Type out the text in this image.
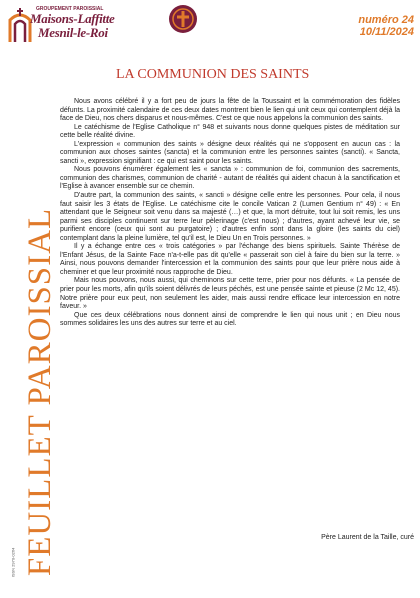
FEUILLET PAROISSIAL
ISSN 2970-0264
GROUPEMENT PAROISSIAL
Maisons-Laffitte
Mesnil-le-Roi
numéro 24
10/11/2024
LA COMMUNION DES SAINTS

Nous avons célébré il y a fort peu de jours la fête de la Toussaint et la commémoration des fidèles défunts. La proximité calendaire de ces deux dates montrent bien le lien qui unit ceux qui contemplent déjà la face de Dieu, nos chers disparus et nous-mêmes. C'est ce que nous appelons la communion des saints.

Le catéchisme de l'Eglise Catholique n° 948 et suivants nous donne quelques pistes de méditation sur cette belle réalité divine.

L'expression « communion des saints » désigne deux réalités qui ne s'opposent en aucun cas : la communion aux choses saintes (sancta) et la communion entre les personnes saintes (sancti). « Sancta, sancti », expression signifiant : ce qui est saint pour les saints.

Nous pouvons énumérer également les « sancta » : communion de foi, communion des sacrements, communion des charismes, communion de charité - autant de réalités qui aident chacun à la sanctification et l'Eglise à avancer ensemble sur ce chemin.

D'autre part, la communion des saints, « sancti » désigne celle entre les personnes. Pour cela, il nous faut saisir les 3 états de l'Eglise. Le catéchisme cite le concile Vatican 2 (Lumen Gentium n° 49) : « En attendant que le Seigneur soit venu dans sa majesté (…) et que, la mort détruite, tout lui soit remis, les uns parmi ses disciples continuent sur terre leur pèlerinage (c'est nous) ; d'autres, ayant achevé leur vie, se purifient encore (ceux qui sont au purgatoire) ; d'autres enfin sont dans la gloire (les saints du ciel) contemplant dans la pleine lumière, tel qu'il est, le Dieu Un en Trois personnes. »

Il y a échange entre ces « trois catégories » par l'échange des biens spirituels. Sainte Thérèse de l'Enfant Jésus, de la Sainte Face n'a-t-elle pas dit qu'elle « passerait son ciel à faire du bien sur la terre. » Ainsi, nous pouvons demander l'intercession et la communion des saints pour que leur prière nous aide à cheminer et que leur proximité nous rapproche de Dieu.

Mais nous pouvons, nous aussi, qui cheminons sur cette terre, prier pour nos défunts. « La pensée de prier pour les morts, afin qu'ils soient délivrés de leurs péchés, est une pensée sainte et pieuse (2 Mc 12, 45). Notre prière pour eux peut, non seulement les aider, mais aussi rendre efficace leur intercession en notre faveur. »

Que ces deux célébrations nous donnent ainsi de comprendre le lien qui nous unit ; en Dieu nous sommes solidaires les uns des autres sur terre et au ciel.

Père Laurent de la Taille, curé
